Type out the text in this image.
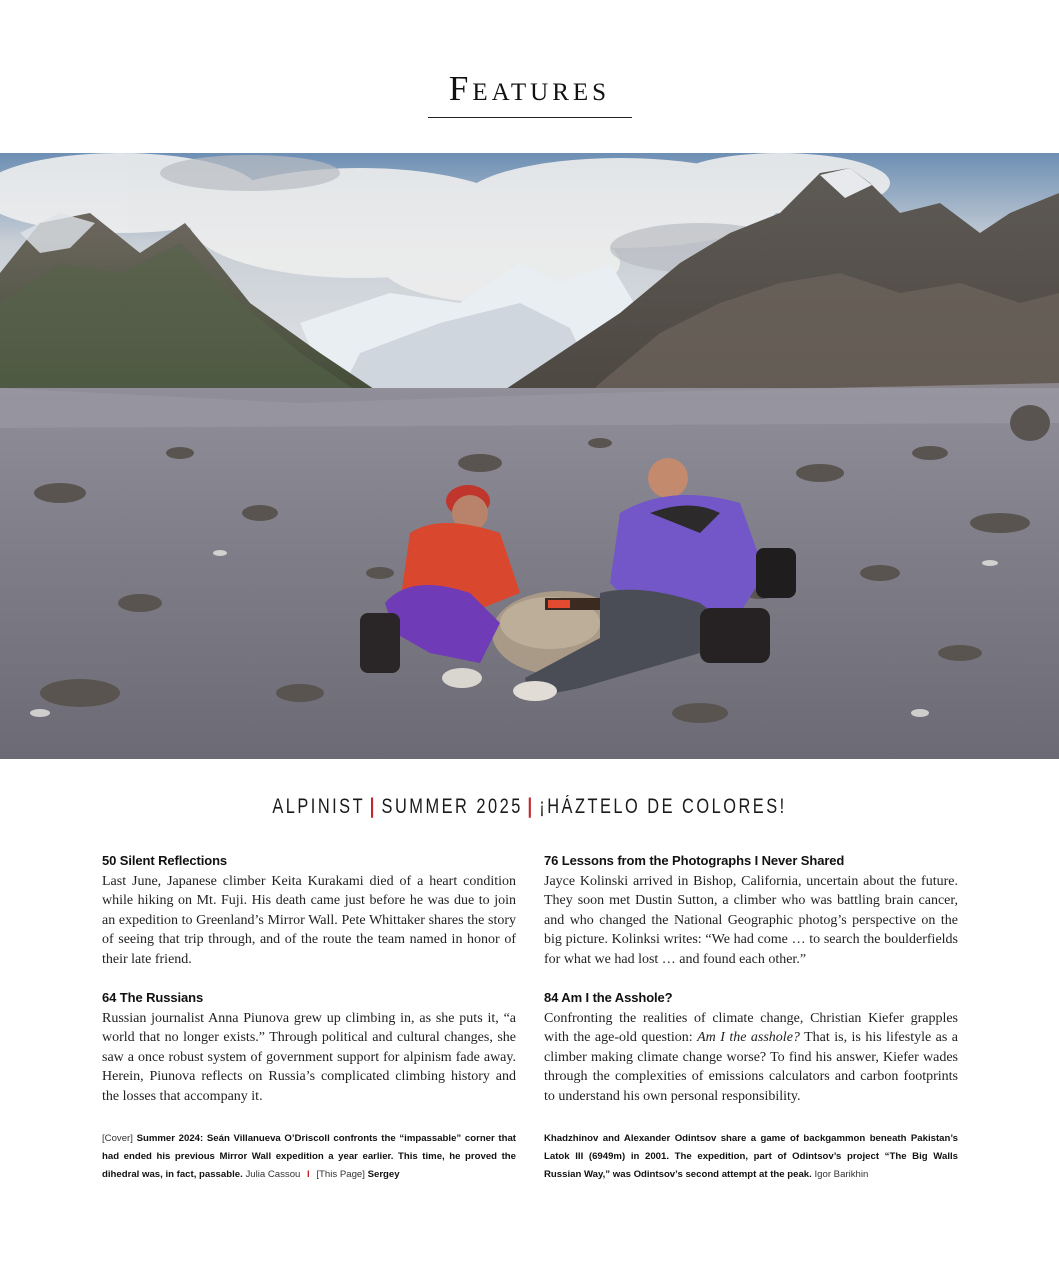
Features
ALPINIST | SUMMER 2025 | ¡HÁZTELO DE COLORES!
50 Silent Reflections

Last June, Japanese climber Keita Kurakami died of a heart condition while hiking on Mt. Fuji. His death came just before he was due to join an expedition to Greenland’s Mirror Wall. Pete Whittaker shares the story of seeing that trip through, and of the route the team named in honor of their late friend.

76 Lessons from the Photographs I Never Shared

Jayce Kolinski arrived in Bishop, California, uncertain about the future. They soon met Dustin Sutton, a climber who was battling brain cancer, and who changed the National Geographic photog’s perspective on the big picture. Kolinksi writes: “We had come … to search the boulderfields for what we had lost … and found each other.”

64 The Russians

Russian journalist Anna Piunova grew up climbing in, as she puts it, “a world that no longer exists.” Through political and cultural changes, she saw a once robust system of government support for alpinism fade away. Herein, Piunova reflects on Russia’s complicated climbing history and the losses that accompany it.

84 Am I the Asshole?

Confronting the realities of climate change, Christian Kiefer grapples with the age-old question: Am I the asshole? That is, is his lifestyle as a climber making climate change worse? To find his answer, Kiefer wades through the complexities of emissions calculators and carbon footprints to understand his own personal responsibility.

[Cover] Summer 2024: Seán Villanueva O’Driscoll confronts the “impassable” corner that had ended his previous Mirror Wall expedition a year earlier. This time, he proved the dihedral was, in fact, passable. Julia Cassou I [This Page] Sergey
Khadzhinov and Alexander Odintsov share a game of backgammon beneath Pakistan’s Latok III (6949m) in 2001. The expedition, part of Odintsov’s project “The Big Walls Russian Way,” was Odintsov’s second attempt at the peak. Igor Barikhin
